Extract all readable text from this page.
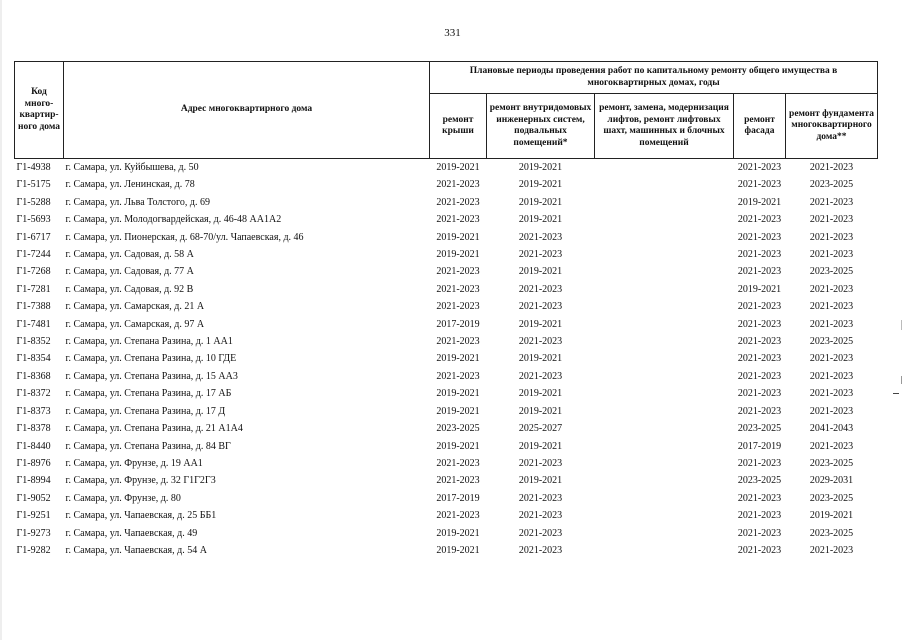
331
Код много-квартир-ного дома	Адрес многоквартирного дома	Плановые периоды проведения работ по капитальному ремонту общего имущества в многоквартирных домах, годы				
		ремонт крыши	ремонт внутридомовых инженерных систем, подвальных помещений*	ремонт, замена, модернизация лифтов, ремонт лифтовых шахт, машинных и блочных помещений	ремонт фасада	ремонт фундамента многоквартирного дома**
Г1-4938	г. Самара, ул. Куйбышева, д. 50	2019-2021	2019-2021		2021-2023	2021-2023
Г1-5175	г. Самара, ул. Ленинская, д. 78	2021-2023	2019-2021		2021-2023	2023-2025
Г1-5288	г. Самара, ул. Льва Толстого, д. 69	2021-2023	2019-2021		2019-2021	2021-2023
Г1-5693	г. Самара, ул. Молодогвардейская, д. 46-48 АА1А2	2021-2023	2019-2021		2021-2023	2021-2023
Г1-6717	г. Самара, ул. Пионерская, д. 68-70/ул. Чапаевская, д. 46	2019-2021	2021-2023		2021-2023	2021-2023
Г1-7244	г. Самара, ул. Садовая, д. 58 А	2019-2021	2021-2023		2021-2023	2021-2023
Г1-7268	г. Самара, ул. Садовая, д. 77 А	2021-2023	2019-2021		2021-2023	2023-2025
Г1-7281	г. Самара, ул. Садовая, д. 92 В	2021-2023	2021-2023		2019-2021	2021-2023
Г1-7388	г. Самара, ул. Самарская, д. 21 А	2021-2023	2021-2023		2021-2023	2021-2023
Г1-7481	г. Самара, ул. Самарская, д. 97 А	2017-2019	2019-2021		2021-2023	2021-2023
Г1-8352	г. Самара, ул. Степана Разина, д. 1 АА1	2021-2023	2021-2023		2021-2023	2023-2025
Г1-8354	г. Самара, ул. Степана Разина, д. 10 ГДЕ	2019-2021	2019-2021		2021-2023	2021-2023
Г1-8368	г. Самара, ул. Степана Разина, д. 15 АА3	2021-2023	2021-2023		2021-2023	2021-2023
Г1-8372	г. Самара, ул. Степана Разина, д. 17 АБ	2019-2021	2019-2021		2021-2023	2021-2023
Г1-8373	г. Самара, ул. Степана Разина, д. 17 Д	2019-2021	2019-2021		2021-2023	2021-2023
Г1-8378	г. Самара, ул. Степана Разина, д. 21 А1А4	2023-2025	2025-2027		2023-2025	2041-2043
Г1-8440	г. Самара, ул. Степана Разина, д. 84 ВГ	2019-2021	2019-2021		2017-2019	2021-2023
Г1-8976	г. Самара, ул. Фрунзе, д. 19 АА1	2021-2023	2021-2023		2021-2023	2023-2025
Г1-8994	г. Самара, ул. Фрунзе, д. 32 Г1Г2Г3	2021-2023	2019-2021		2023-2025	2029-2031
Г1-9052	г. Самара, ул. Фрунзе, д. 80	2017-2019	2021-2023		2021-2023	2023-2025
Г1-9251	г. Самара, ул. Чапаевская, д. 25 ББ1	2021-2023	2021-2023		2021-2023	2019-2021
Г1-9273	г. Самара, ул. Чапаевская, д. 49	2019-2021	2021-2023		2021-2023	2023-2025
Г1-9282	г. Самара, ул. Чапаевская, д. 54 А	2019-2021	2021-2023		2021-2023	2021-2023
